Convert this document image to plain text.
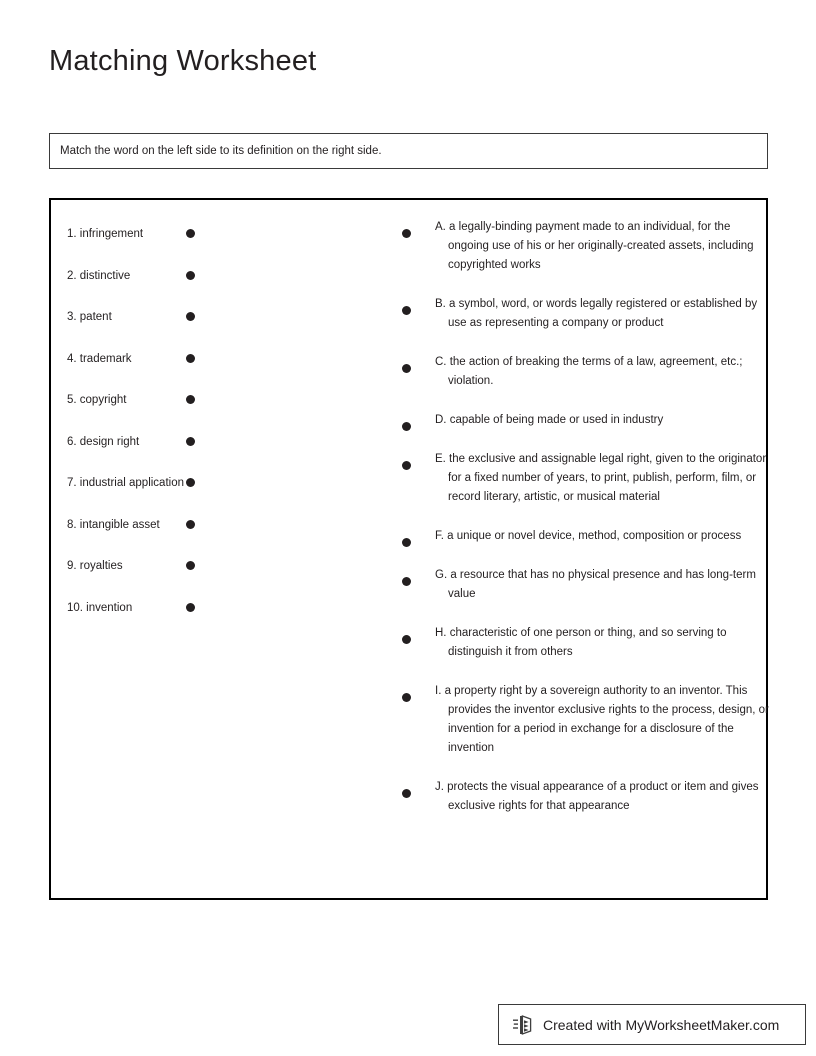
Matching Worksheet
Match the word on the left side to its definition on the right side.
1. infringement
2. distinctive
3. patent
4. trademark
5. copyright
6. design right
7. industrial application
8. intangible asset
9. royalties
10. invention
A. a legally-binding payment made to an individual, for the ongoing use of his or her originally-created assets, including copyrighted works
B. a symbol, word, or words legally registered or established by use as representing a company or product
C. the action of breaking the terms of a law, agreement, etc.; violation.
D. capable of being made or used in industry
E. the exclusive and assignable legal right, given to the originator for a fixed number of years, to print, publish, perform, film, or record literary, artistic, or musical material
F. a unique or novel device, method, composition or process
G. a resource that has no physical presence and has long-term value
H. characteristic of one person or thing, and so serving to distinguish it from others
I. a property right by a sovereign authority to an inventor. This provides the inventor exclusive rights to the process, design, or invention for a period in exchange for a disclosure of the invention
J. protects the visual appearance of a product or item and gives exclusive rights for that appearance
Created with MyWorksheetMaker.com
